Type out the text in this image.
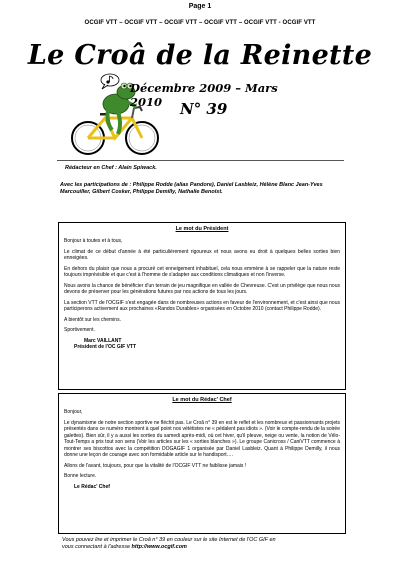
Page 1
OCGIF VTT – OCGIF VTT – OCGIF VTT – OCGIF VTT – OCGIF VTT - OCGIF VTT
Le Croâ de la Reinette
Décembre 2009 – Mars 2010	N° 39
Rédacteur en Chef : Alain Spiwack.
Avec les participations de : Philippe Rodde (alias Pandore), Daniel Lasbleiz, Hélène Blanc Jean-Yves Marcouiller, Gilbert Cosker, Philippe Demilly, Nathalie Benoist.
Le mot du Président

Bonjour à toutes et à tous,

Le climat de ce début d'année à été particulièrement rigoureux et nous avons eu droit à quelques belles sorties bien enneigées.

En dehors du plaisir que nous a procuré cet enneigement inhabituel, cela nous emmène à se rappeler que la nature reste toujours imprévisible et que c'est à l'homme de s'adapter aux conditions climatiques et non l'inverse.

Nous avons la chance de bénéficier d'un terrain de jeu magnifique en vallée de Chevreuse. C'est un privilège que nous nous devons de préserver pour les générations futures par nos actions de tous les jours.

La section VTT de l'OCGIF s'est engagée dans de nombreuses actions en faveur de l'environnement, et c'est ainsi que nous participerons activement aux prochaines «Randos Durables» organisées en Octobre 2010 (contact Philippe Rodde).

A bientôt sur les chemins.

Sportivement.

Marc VAILLANT
Président de l'OC GIF VTT
Le mot du Rédac' Chef

Bonjour,

Le dynamisme de notre section sportive ne fléchit pas. Le Croâ n° 39 en est le reflet et les nombreux et passionnants projets présentés dans ce numéro montrent à quel point nos vététistes ne « pédalent pas idiots ». (Voir le compte-rendu de la soirée galettes). Bien sûr, il y a aussi les sorties du samedi après-midi, où cet hiver, qu'il pleuve, neige ou vente, la notion de Vélo-Tout-Temps a pris tout son sens (Voir les articles sur les « sorties blanches »). Le groupe Canicross / CaniVTT commence à montrer ses biscottos avec la compétition DOGAGIF 1 organisée par Daniel Lasbleiz. Quant à Philippe Demilly, il nous donne une leçon de courage avec son formidable article sur le handisport….

Allons de l'avant, toujours, pour que la vitalité de l'OCGIF VTT ne faiblisse jamais !

Bonne lecture.

Le Rédac' Chef
Vous pouvez lire et imprimer le Croâ n° 39 en couleur sur le site Internet de l'OC GIF en
vous connectant à l'adresse http://www.ocgif.com
